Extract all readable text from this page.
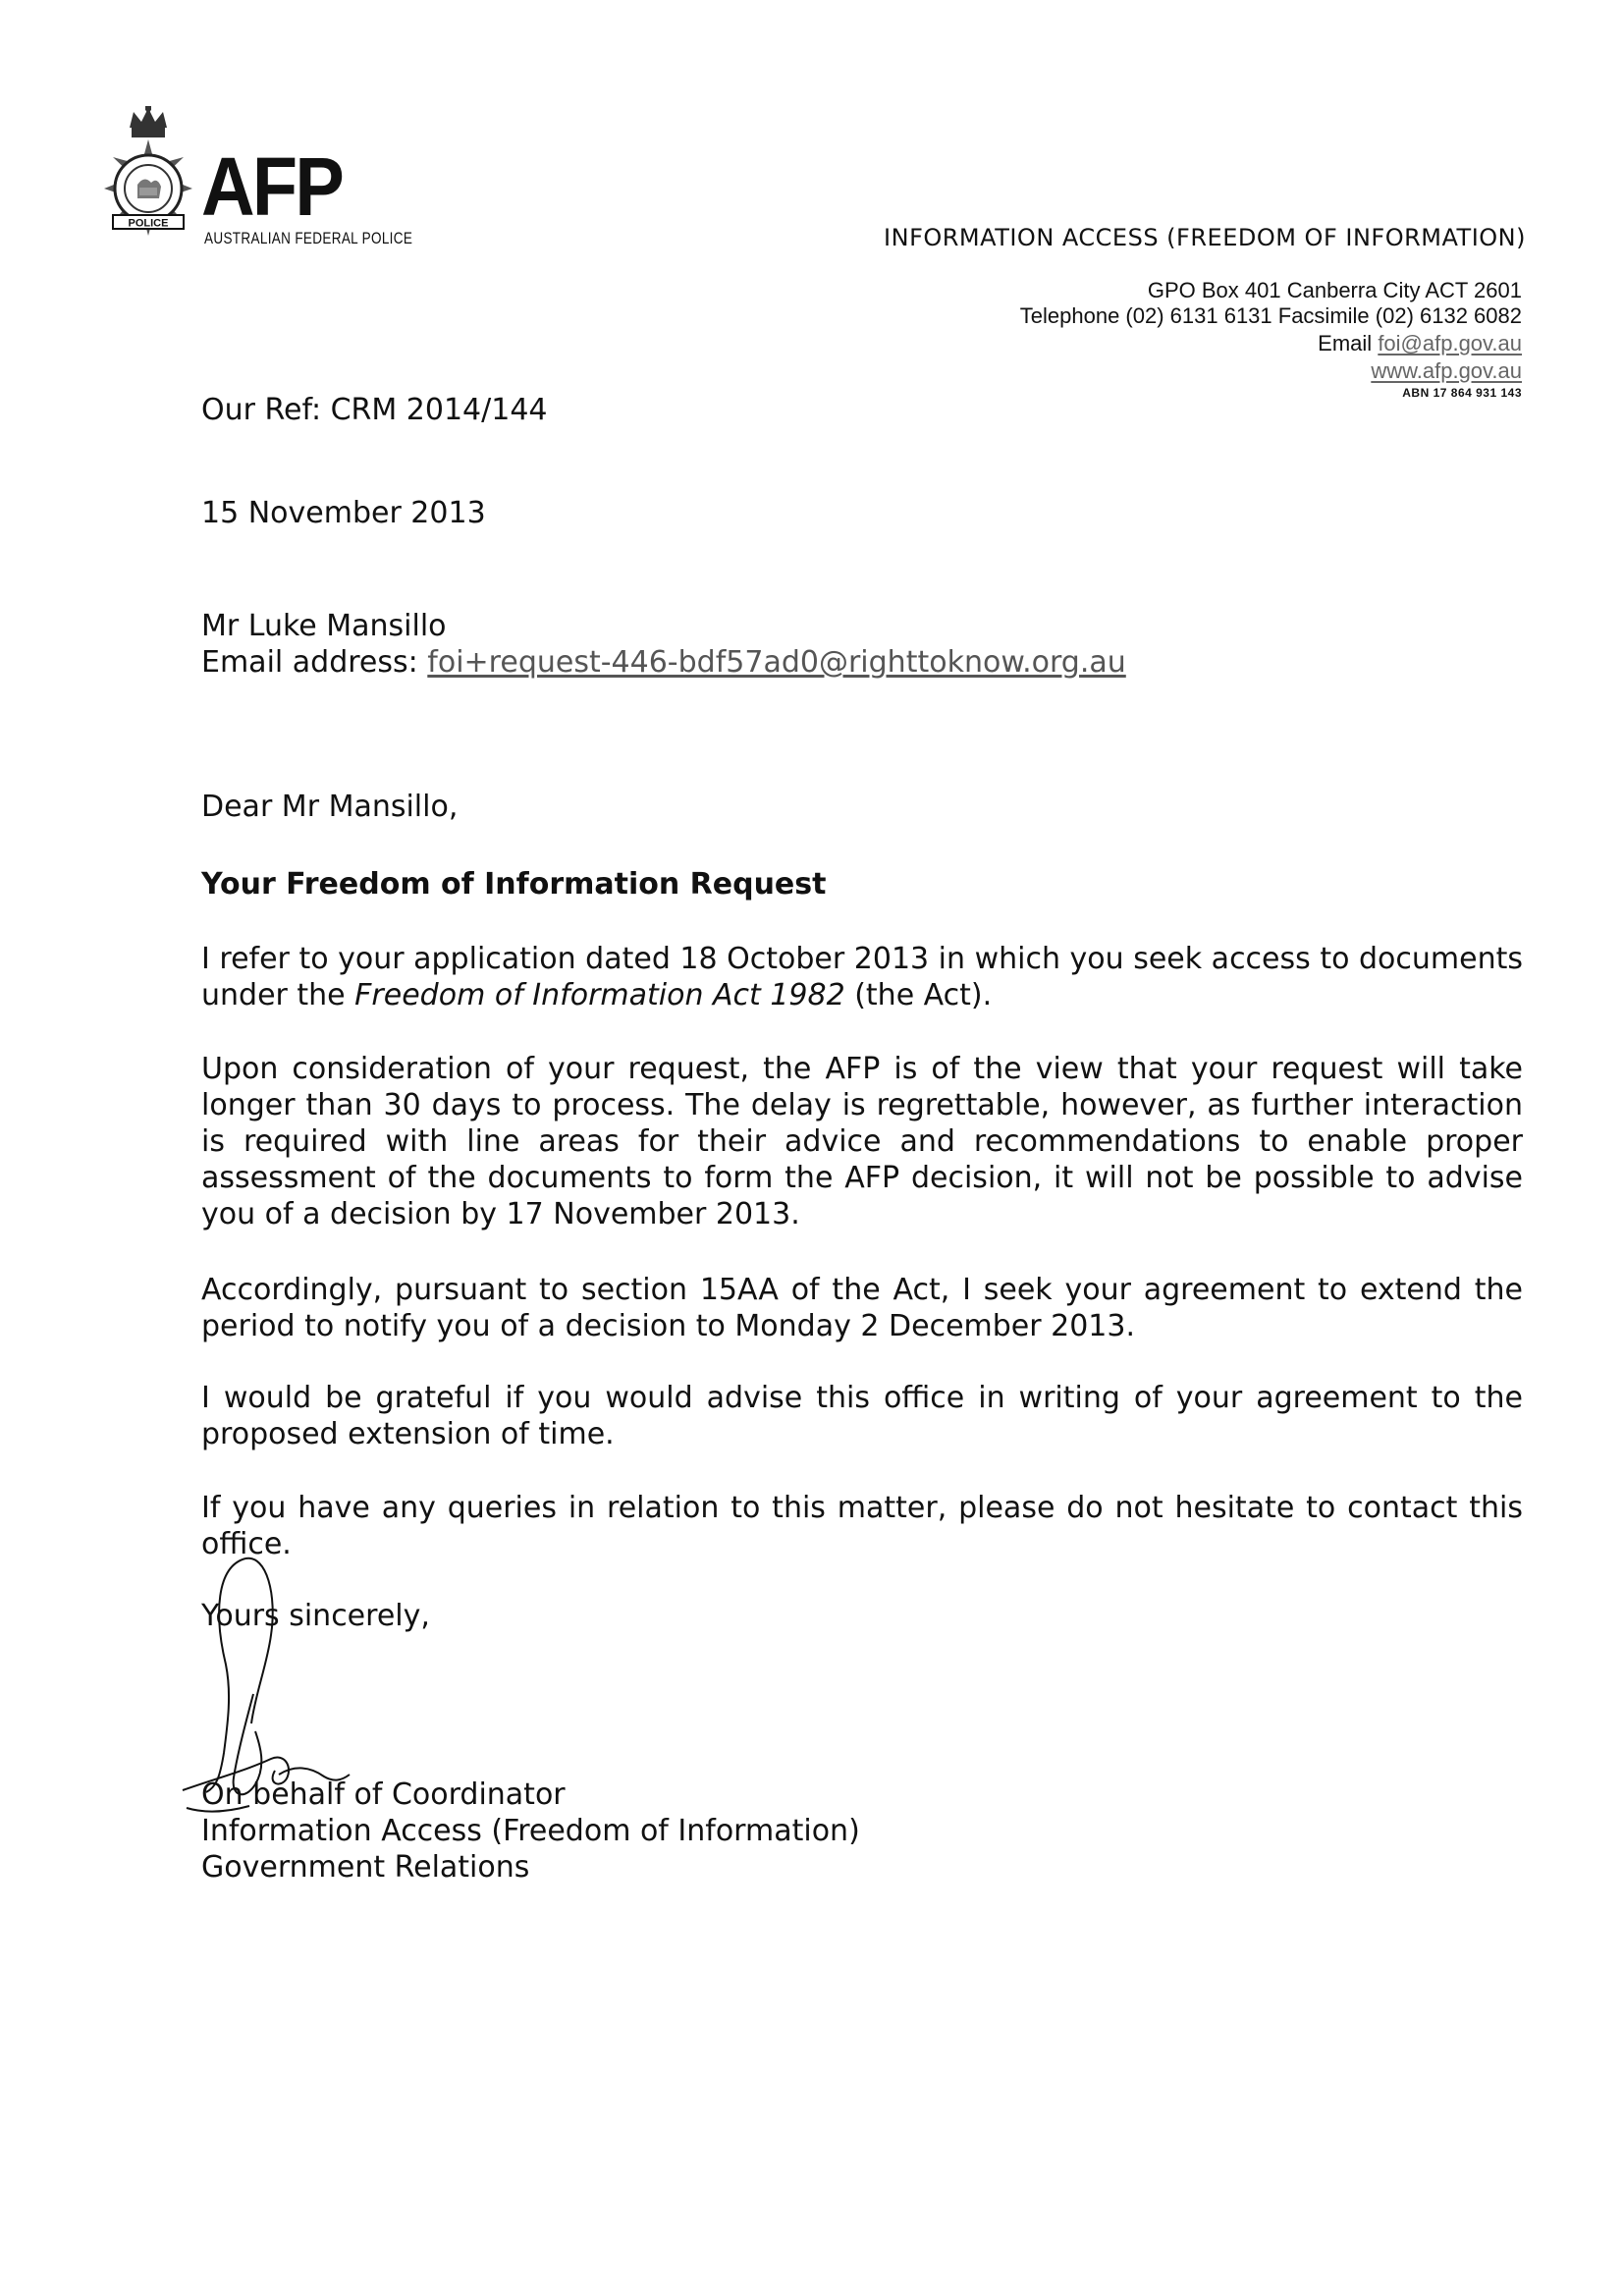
POLICE AFP
AUSTRALIAN FEDERAL POLICE	INFORMATION ACCESS (FREEDOM OF INFORMATION)
GPO Box 401 Canberra City ACT 2601
Telephone (02) 6131 6131 Facsimile (02) 6132 6082
Email foi@afp.gov.au
www.afp.gov.au
ABN 17 864 931 143
Our Ref: CRM 2014/144
15 November 2013
Mr Luke Mansillo
Email address: foi+request-446-bdf57ad0@righttoknow.org.au
Dear Mr Mansillo,
Your Freedom of Information Request
I refer to your application dated 18 October 2013 in which you seek access to documents under the Freedom of Information Act 1982 (the Act).
Upon consideration of your request, the AFP is of the view that your request will take longer than 30 days to process. The delay is regrettable, however, as further interaction is required with line areas for their advice and recommendations to enable proper assessment of the documents to form the AFP decision, it will not be possible to advise you of a decision by 17 November 2013.
Accordingly, pursuant to section 15AA of the Act, I seek your agreement to extend the period to notify you of a decision to Monday 2 December 2013.
I would be grateful if you would advise this office in writing of your agreement to the proposed extension of time.
If you have any queries in relation to this matter, please do not hesitate to contact this office.
Yours sincerely,
On behalf of Coordinator
Information Access (Freedom of Information)
Government Relations
